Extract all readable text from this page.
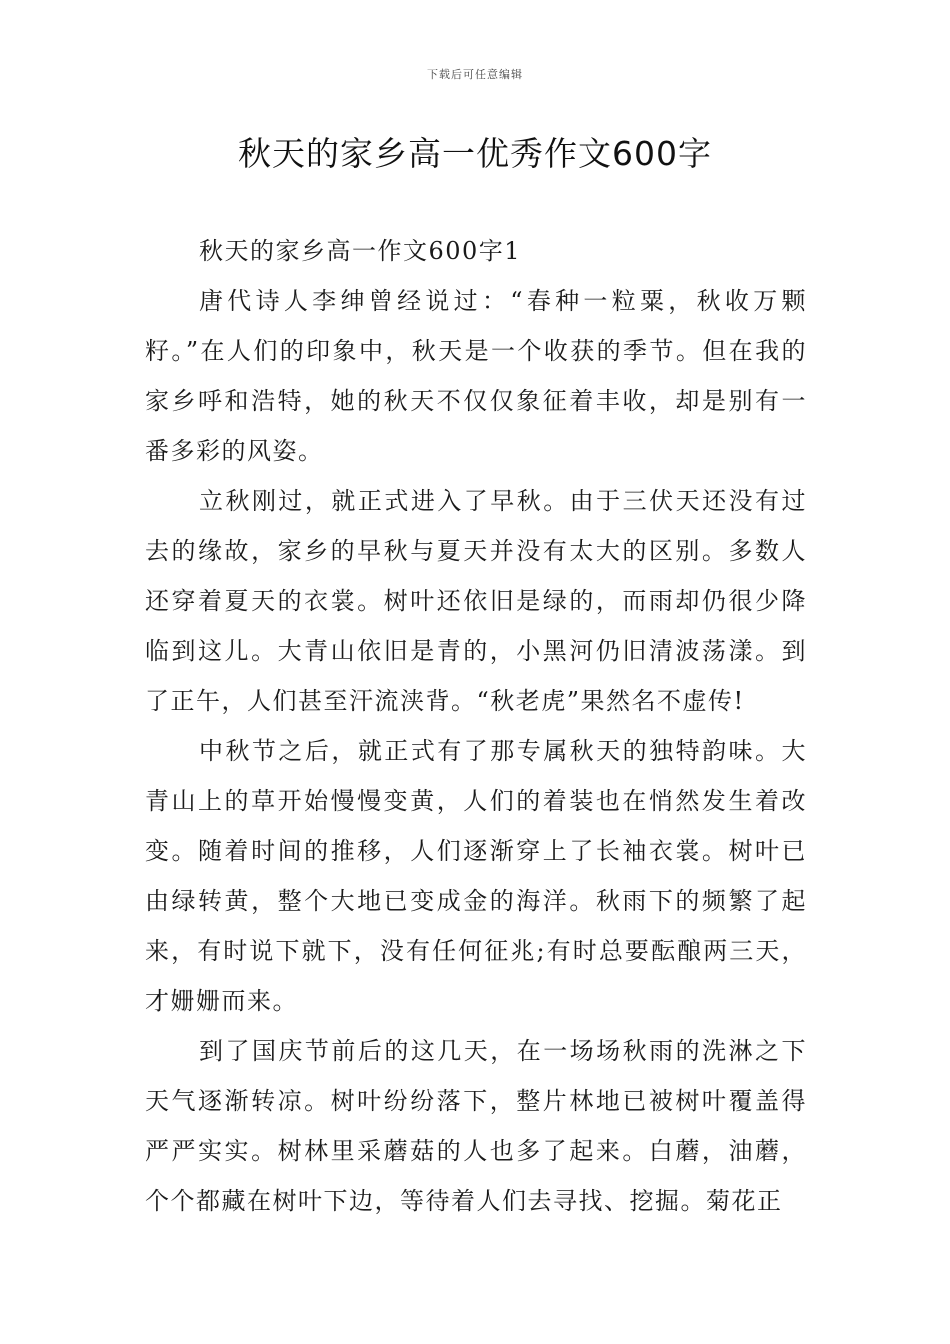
下载后可任意编辑
秋天的家乡高一优秀作文600字

秋天的家乡高一作文600字1

唐代诗人李绅曾经说过：“春种一粒粟，秋收万颗籽。”在人们的印象中，秋天是一个收获的季节。但在我的家乡呼和浩特，她的秋天不仅仅象征着丰收，却是别有一番多彩的风姿。

立秋刚过，就正式进入了早秋。由于三伏天还没有过去的缘故，家乡的早秋与夏天并没有太大的区别。多数人还穿着夏天的衣裳。树叶还依旧是绿的，而雨却仍很少降临到这儿。大青山依旧是青的，小黑河仍旧清波荡漾。到了正午，人们甚至汗流浃背。“秋老虎”果然名不虚传!

中秋节之后，就正式有了那专属秋天的独特韵味。大青山上的草开始慢慢变黄，人们的着装也在悄然发生着改变。随着时间的推移，人们逐渐穿上了长袖衣裳。树叶已由绿转黄，整个大地已变成金的海洋。秋雨下的频繁了起来，有时说下就下，没有任何征兆;有时总要酝酿两三天，才姗姗而来。

到了国庆节前后的这几天，在一场场秋雨的洗淋之下天气逐渐转凉。树叶纷纷落下，整片林地已被树叶覆盖得严严实实。树林里采蘑菇的人也多了起来。白蘑，油蘑，个个都藏在树叶下边，等待着人们去寻找、挖掘。菊花正
